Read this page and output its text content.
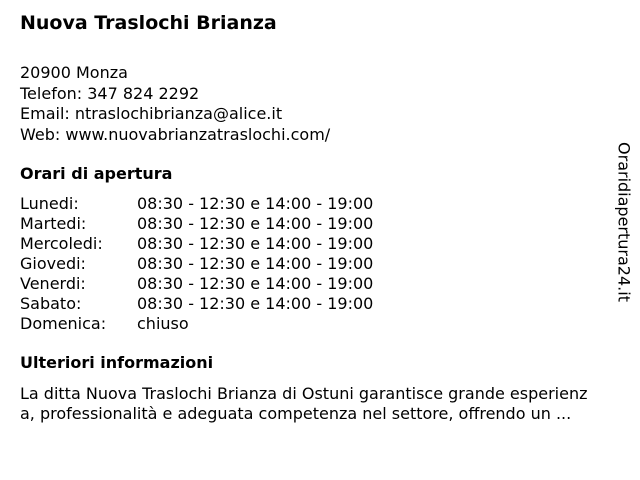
Nuova Traslochi Brianza
20900 Monza
Telefon: 347 824 2292
Email: ntraslochibrianza@alice.it
Web: www.nuovabrianzatraslochi.com/
Orari di apertura
Lunedi:	08:30 - 12:30 e 14:00 - 19:00
Martedi:	08:30 - 12:30 e 14:00 - 19:00
Mercoledi:	08:30 - 12:30 e 14:00 - 19:00
Giovedi:	08:30 - 12:30 e 14:00 - 19:00
Venerdi:	08:30 - 12:30 e 14:00 - 19:00
Sabato:	08:30 - 12:30 e 14:00 - 19:00
Domenica:	chiuso
Ulteriori informazioni
La ditta Nuova Traslochi Brianza di Ostuni garantisce grande esperienz
a, professionalità e adeguata competenza nel settore, offrendo un ...
Oraridiapertura24.it
